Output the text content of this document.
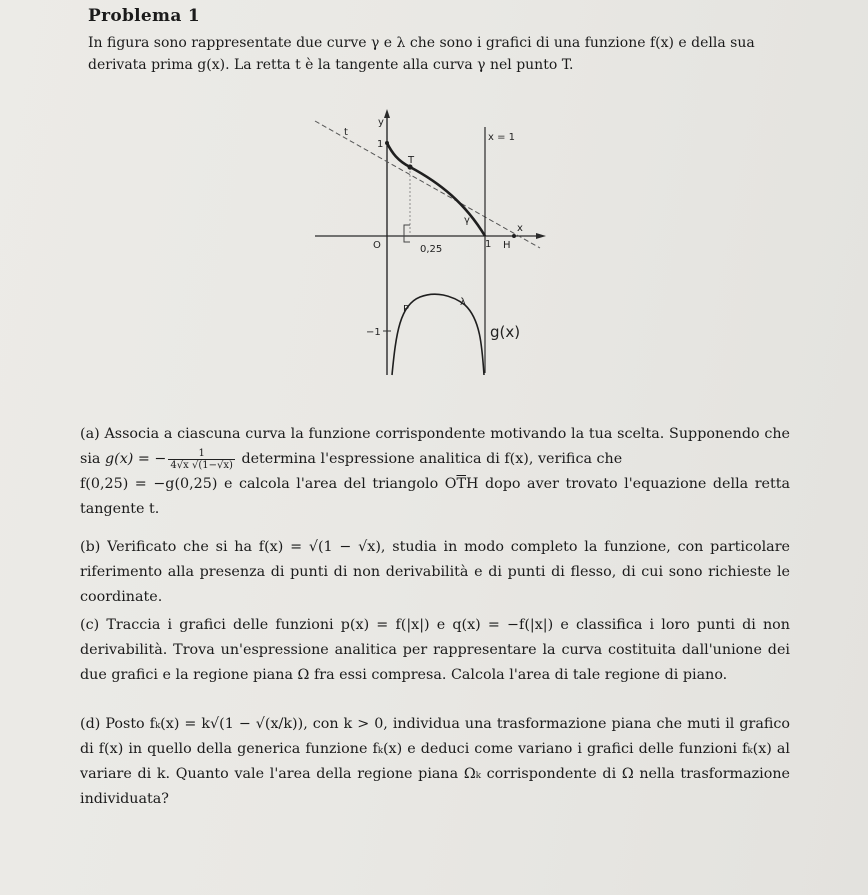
Problema 1
In figura sono rappresentate due curve γ e λ che sono i grafici di una funzione f(x) e della sua derivata prima g(x). La retta t è la tangente alla curva γ nel punto T.
y
t
1
x = 1
T
γ
x
O	0,25	1 H
P
λ
−1	g(x)
(a) Associa a ciascuna curva la funzione corrispondente motivando la tua scelta. Supponendo che sia g(x) = − $\frac{1}{4√x √(1-√x)}$ determina l'espressione analitica di f(x), verifica che
f(0,25) = −g(0,25) e calcola l'area del triangolo $O\overline{T}H$ dopo aver trovato l'equazione della retta tangente t.
(b) Verificato che si ha f(x) = √(1 − √x), studia in modo completo la funzione, con particolare riferimento alla presenza di punti di non derivabilità e di punti di flesso, di cui sono richieste le coordinate.
(c) Traccia i grafici delle funzioni p(x) = f(|x|) e q(x) = −f(|x|) e classifica i loro punti di non derivabilità. Trova un'espressione analitica per rappresentare la curva costituita dall'unione dei due grafici e la regione piana Ω fra essi compresa. Calcola l'area di tale regione di piano.
(d) Posto fₖ(x) = k√(1 − √(x/k)), con k > 0, individua una trasformazione piana che muti il grafico di f(x) in quello della generica funzione fₖ(x) e deduci come variano i grafici delle funzioni fₖ(x) al variare di k. Quanto vale l'area della regione piana Ωₖ corrispondente di Ω nella trasformazione individuata?
